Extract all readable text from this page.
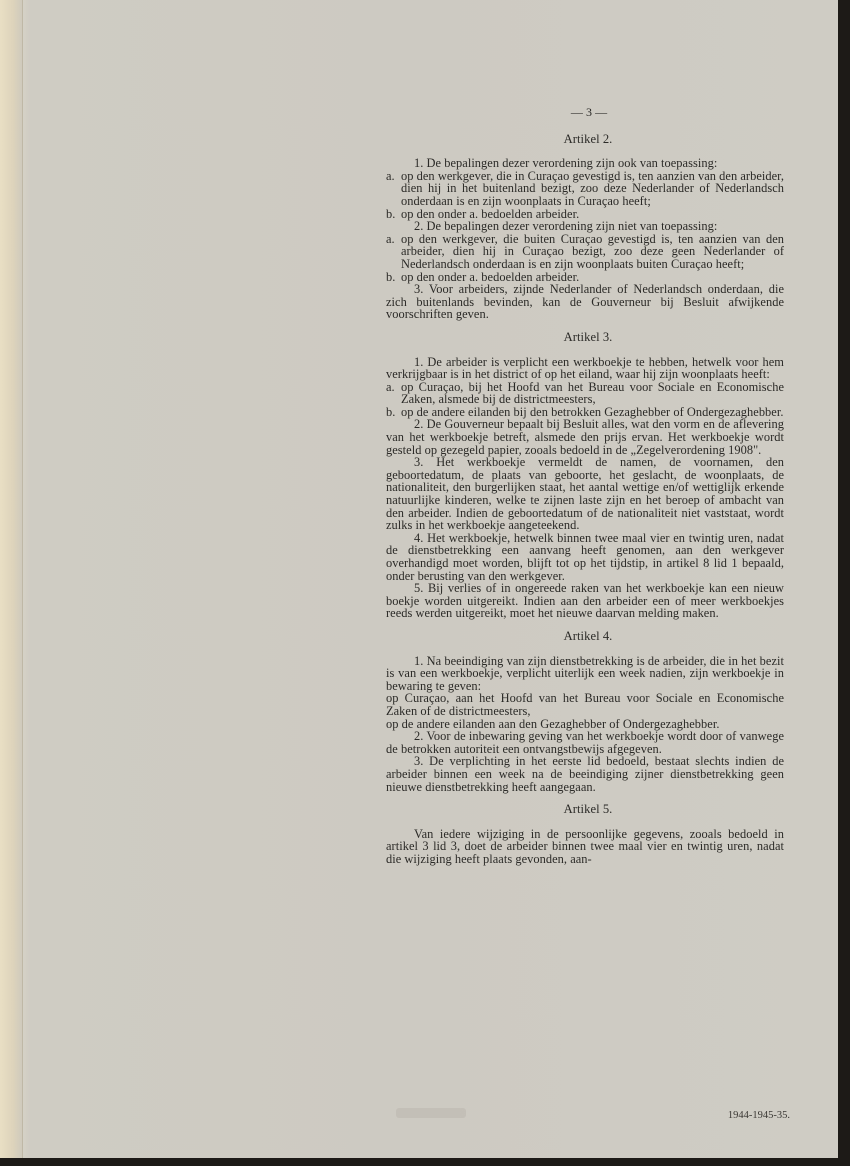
— 3 —
Artikel 2.

1. De bepalingen dezer verordening zijn ook van toepassing:

a. op den werkgever, die in Curaçao gevestigd is, ten aanzien van den arbeider, dien hij in het buitenland bezigt, zoo deze Nederlander of Nederlandsch onderdaan is en zijn woonplaats in Curaçao heeft;
b. op den onder a. bedoelden arbeider.

2. De bepalingen dezer verordening zijn niet van toepassing:

a. op den werkgever, die buiten Curaçao gevestigd is, ten aanzien van den arbeider, dien hij in Curaçao bezigt, zoo deze geen Nederlander of Nederlandsch onderdaan is en zijn woonplaats buiten Curaçao heeft;
b. op den onder a. bedoelden arbeider.

3. Voor arbeiders, zijnde Nederlander of Nederlandsch onderdaan, die zich buitenlands bevinden, kan de Gouverneur bij Besluit afwijkende voorschriften geven.

Artikel 3.

1. De arbeider is verplicht een werkboekje te hebben, hetwelk voor hem verkrijgbaar is in het district of op het eiland, waar hij zijn woonplaats heeft:

a. op Curaçao, bij het Hoofd van het Bureau voor Sociale en Economische Zaken, alsmede bij de districtmeesters,
b. op de andere eilanden bij den betrokken Gezaghebber of Ondergezaghebber.

2. De Gouverneur bepaalt bij Besluit alles, wat den vorm en de aflevering van het werkboekje betreft, alsmede den prijs ervan. Het werkboekje wordt gesteld op gezegeld papier, zooals bedoeld in de „Zegelverordening 1908".

3. Het werkboekje vermeldt de namen, de voornamen, den geboortedatum, de plaats van geboorte, het geslacht, de woonplaats, de nationaliteit, den burgerlijken staat, het aantal wettige en/of wettiglijk erkende natuurlijke kinderen, welke te zijnen laste zijn en het beroep of ambacht van den arbeider. Indien de geboortedatum of de nationaliteit niet vaststaat, wordt zulks in het werkboekje aangeteekend.

4. Het werkboekje, hetwelk binnen twee maal vier en twintig uren, nadat de dienstbetrekking een aanvang heeft genomen, aan den werkgever overhandigd moet worden, blijft tot op het tijdstip, in artikel 8 lid 1 bepaald, onder berusting van den werkgever.

5. Bij verlies of in ongereede raken van het werkboekje kan een nieuw boekje worden uitgereikt. Indien aan den arbeider een of meer werkboekjes reeds werden uitgereikt, moet het nieuwe daarvan melding maken.

Artikel 4.

1. Na beeindiging van zijn dienstbetrekking is de arbeider, die in het bezit is van een werkboekje, verplicht uiterlijk een week nadien, zijn werkboekje in bewaring te geven:

op Curaçao, aan het Hoofd van het Bureau voor Sociale en Economische Zaken of de districtmeesters,

op de andere eilanden aan den Gezaghebber of Ondergezaghebber.

2. Voor de inbewaring geving van het werkboekje wordt door of vanwege de betrokken autoriteit een ontvangstbewijs afgegeven.

3. De verplichting in het eerste lid bedoeld, bestaat slechts indien de arbeider binnen een week na de beeindiging zijner dienstbetrekking geen nieuwe dienstbetrekking heeft aangegaan.

Artikel 5.

Van iedere wijziging in de persoonlijke gegevens, zooals bedoeld in artikel 3 lid 3, doet de arbeider binnen twee maal vier en twintig uren, nadat die wijziging heeft plaats gevonden, aan-

1944-1945-35.
